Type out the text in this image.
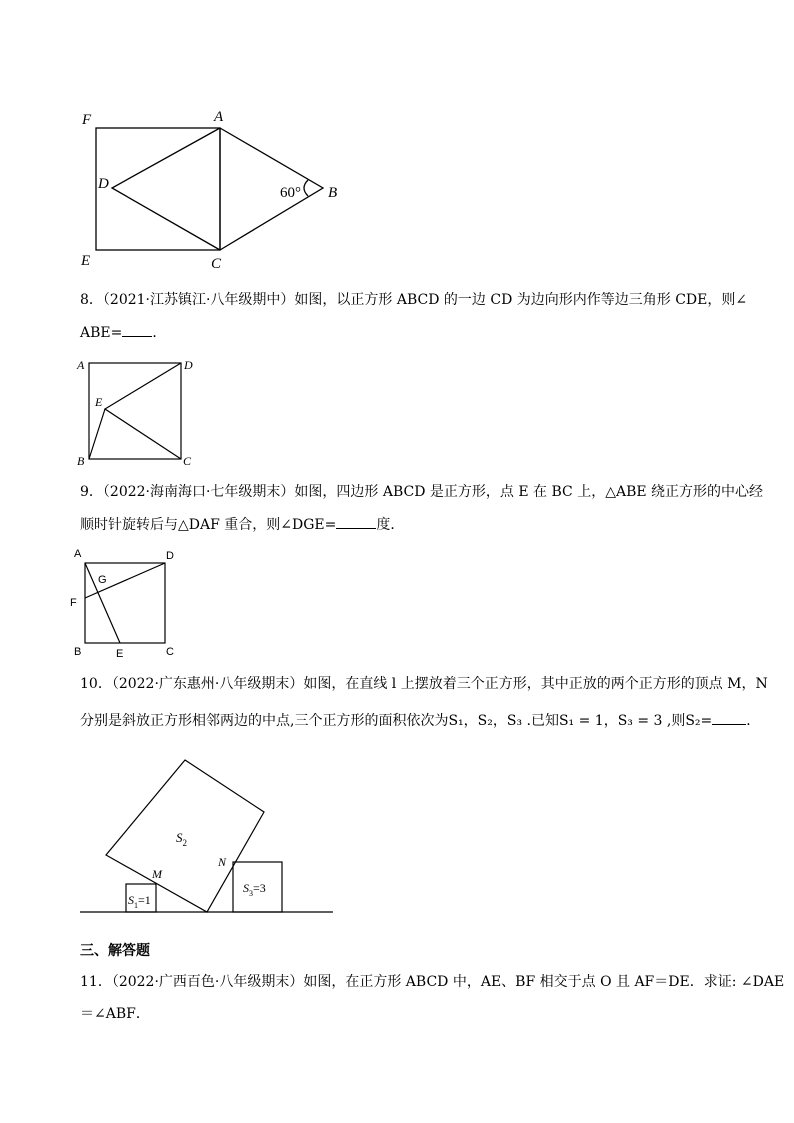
F	A
D
B
E	C
60°
8．（2021·江苏镇江·八年级期中）如图，以正方形 ABCD 的一边 CD 为边向形内作等边三角形 CDE，则∠
ABE= ．
A	D
E
B	C
9．（2022·海南海口·七年级期末）如图，四边形 ABCD 是正方形，点 E 在 BC 上，△ABE 绕正方形的中心经
顺时针旋转后与△DAF 重合，则∠DGE=	度．
A	D
G
F
B	E	C
10．（2022·广东惠州·八年级期末）如图，在直线 l 上摆放着三个正方形，其中正放的两个正方形的顶点 M，N
分别是斜放正方形相邻两边的中点,三个正方形的面积依次为S₁，S₂，S₃ .已知S₁ = 1，S₃ = 3 ,则S₂= ．
$S_2$
M
N
$S_1=1$
$S_3=3$
三、解答题
11．（2022·广西百色·八年级期末）如图，在正方形 ABCD 中，AE、BF 相交于点 O 且 AF＝DE．求证: ∠DAE
＝∠ABF．
